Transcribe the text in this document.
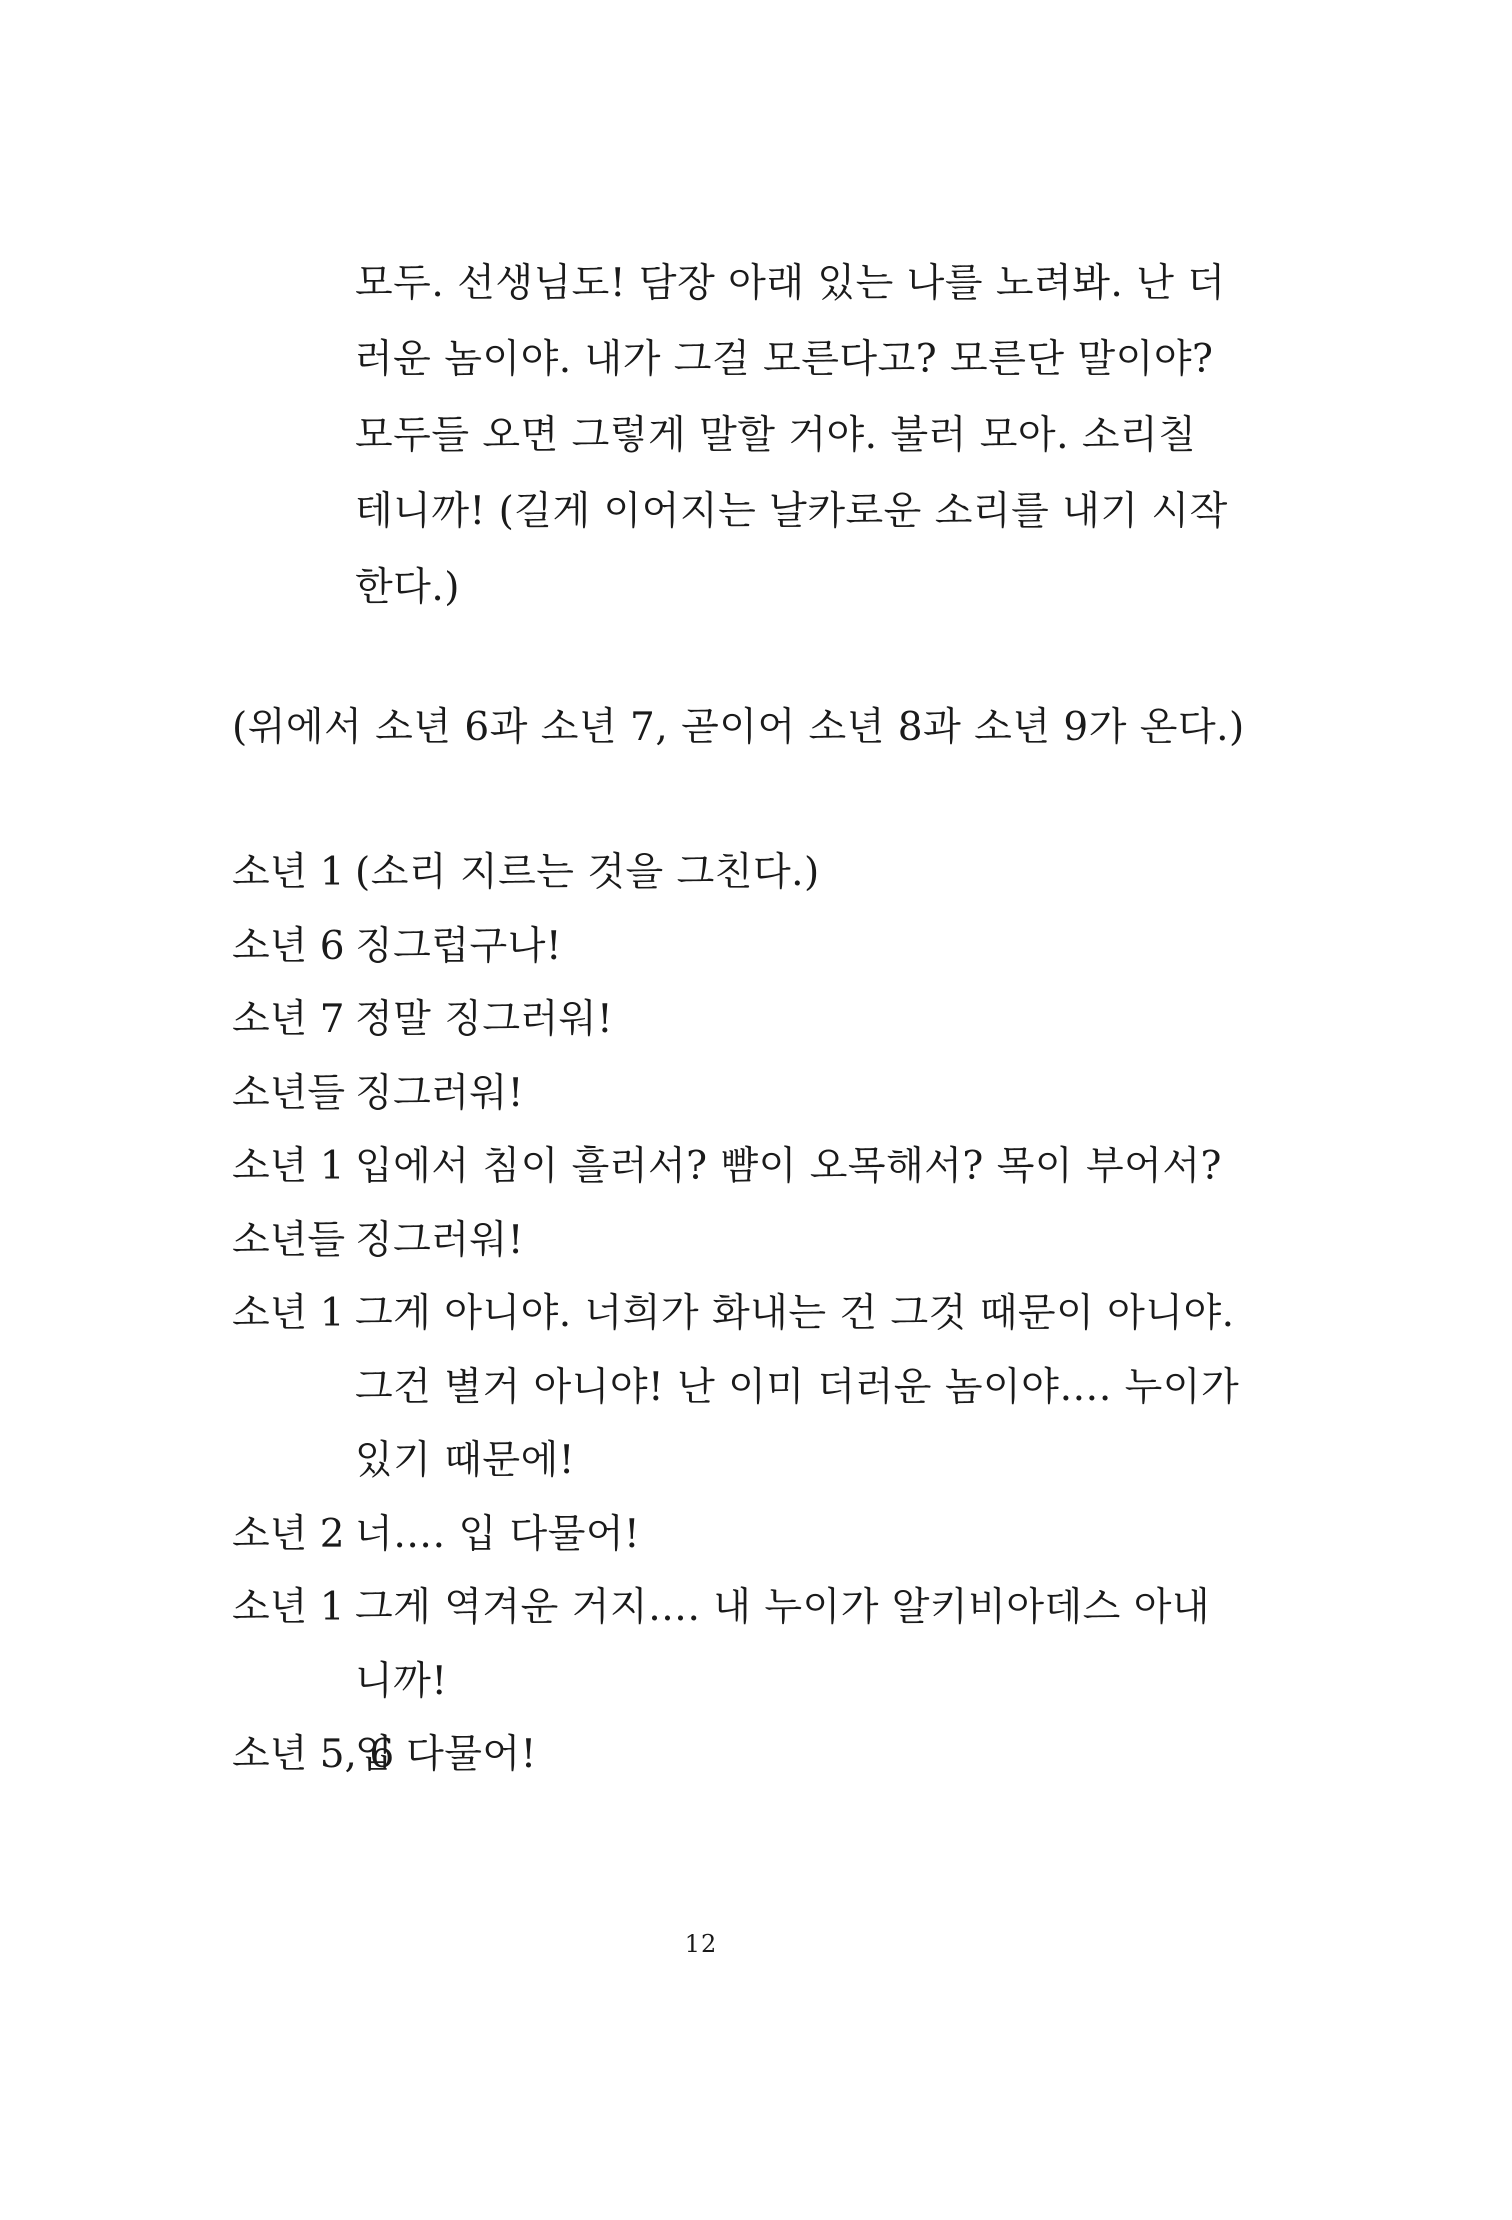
모두. 선생님도! 담장 아래 있는 나를 노려봐. 난 더
러운 놈이야. 내가 그걸 모른다고? 모른단 말이야?
모두들 오면 그렇게 말할 거야. 불러 모아. 소리칠
테니까! (길게 이어지는 날카로운 소리를 내기 시작
한다.)
(위에서 소년 6과 소년 7, 곧이어 소년 8과 소년 9가 온다.)
소년 1 (소리 지르는 것을 그친다.)
소년 6 징그럽구나!
소년 7 정말 징그러워!
소년들 징그러워!
소년 1 입에서 침이 흘러서? 뺨이 오목해서? 목이 부어서?
소년들 징그러워!
소년 1 그게 아니야. 너희가 화내는 건 그것 때문이 아니야.
그건 별거 아니야! 난 이미 더러운 놈이야…. 누이가
있기 때문에!
소년 2 너…. 입 다물어!
소년 1 그게 역겨운 거지…. 내 누이가 알키비아데스 아내
니까!
소년 5, 6
입 다물어!
12
